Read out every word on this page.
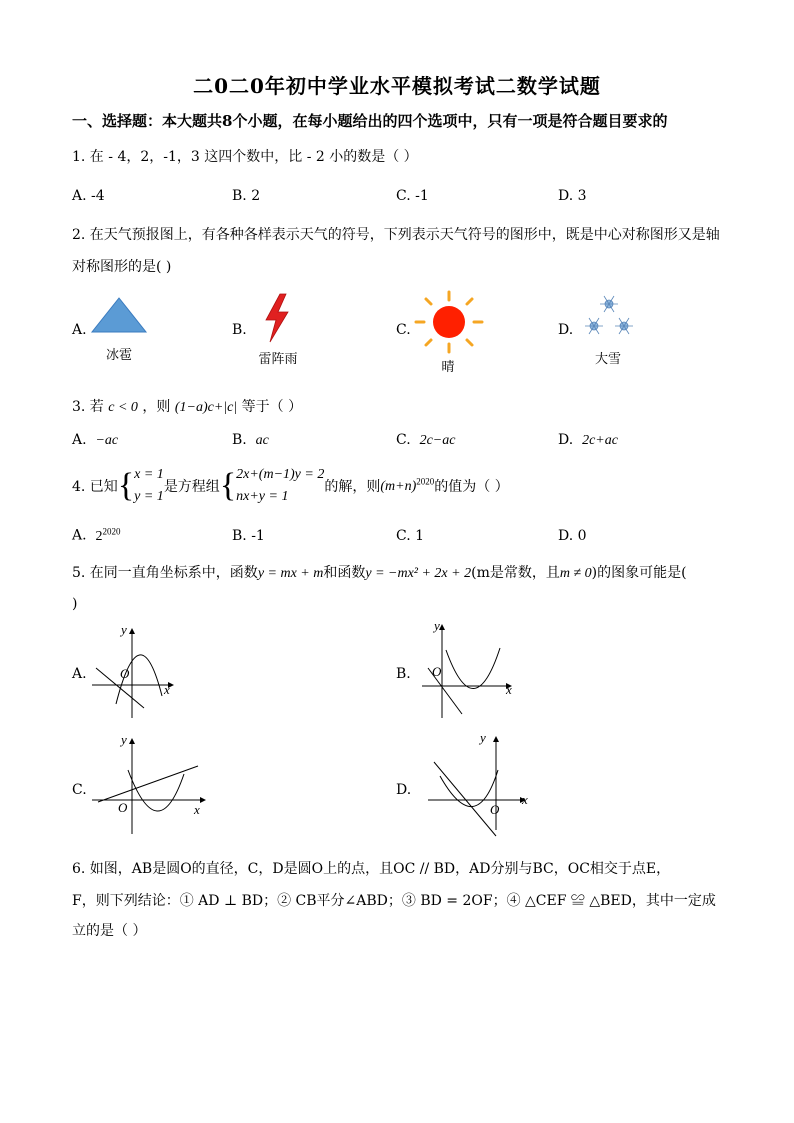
二0二0年初中学业水平模拟考试二数学试题
一、选择题：本大题共8个小题，在每小题给出的四个选项中，只有一项是符合题目要求的
1. 在 - 4，2，-1，3 这四个数中，比 - 2 小的数是（ ）
A. -4	B. 2	C. -1	D. 3
2. 在天气预报图上，有各种各样表示天气的符号，下列表示天气符号的图形中，既是中心对称图形又是轴
对称图形的是( )
A.
冰雹
B.
雷阵雨
C.
晴
D.
大雪
3. 若 c < 0 ，则 (1−a)c+|c| 等于（ ）
A. −ac	B. ac	C. 2c−ac	D. 2c+ac
4. 已知{x = 1
y = 1是方程组{2x+(m−1)y = 2
nx+y = 1的解，则$(m+n)^{2020}$的值为（ ）
A. $2^{2020}$	B. -1	C. 1	D. 0
5. 在同一直角坐标系中，函数y = mx + m和函数y = −mx² + 2x + 2(m是常数，且m ≠ 0)的图象可能是(
)
A.
y
x
O	B.
y
x
O
C.
y
x
O
D.
y
x
O
6. 如图，AB是圆O的直径，C，D是圆O上的点，且OC // BD，AD分别与BC，OC相交于点E，
F，则下列结论：① AD ⊥ BD；② CB平分∠ABD；③ BD = 2OF；④ △CEF ≌ △BED，其中一定成
立的是（ ）
